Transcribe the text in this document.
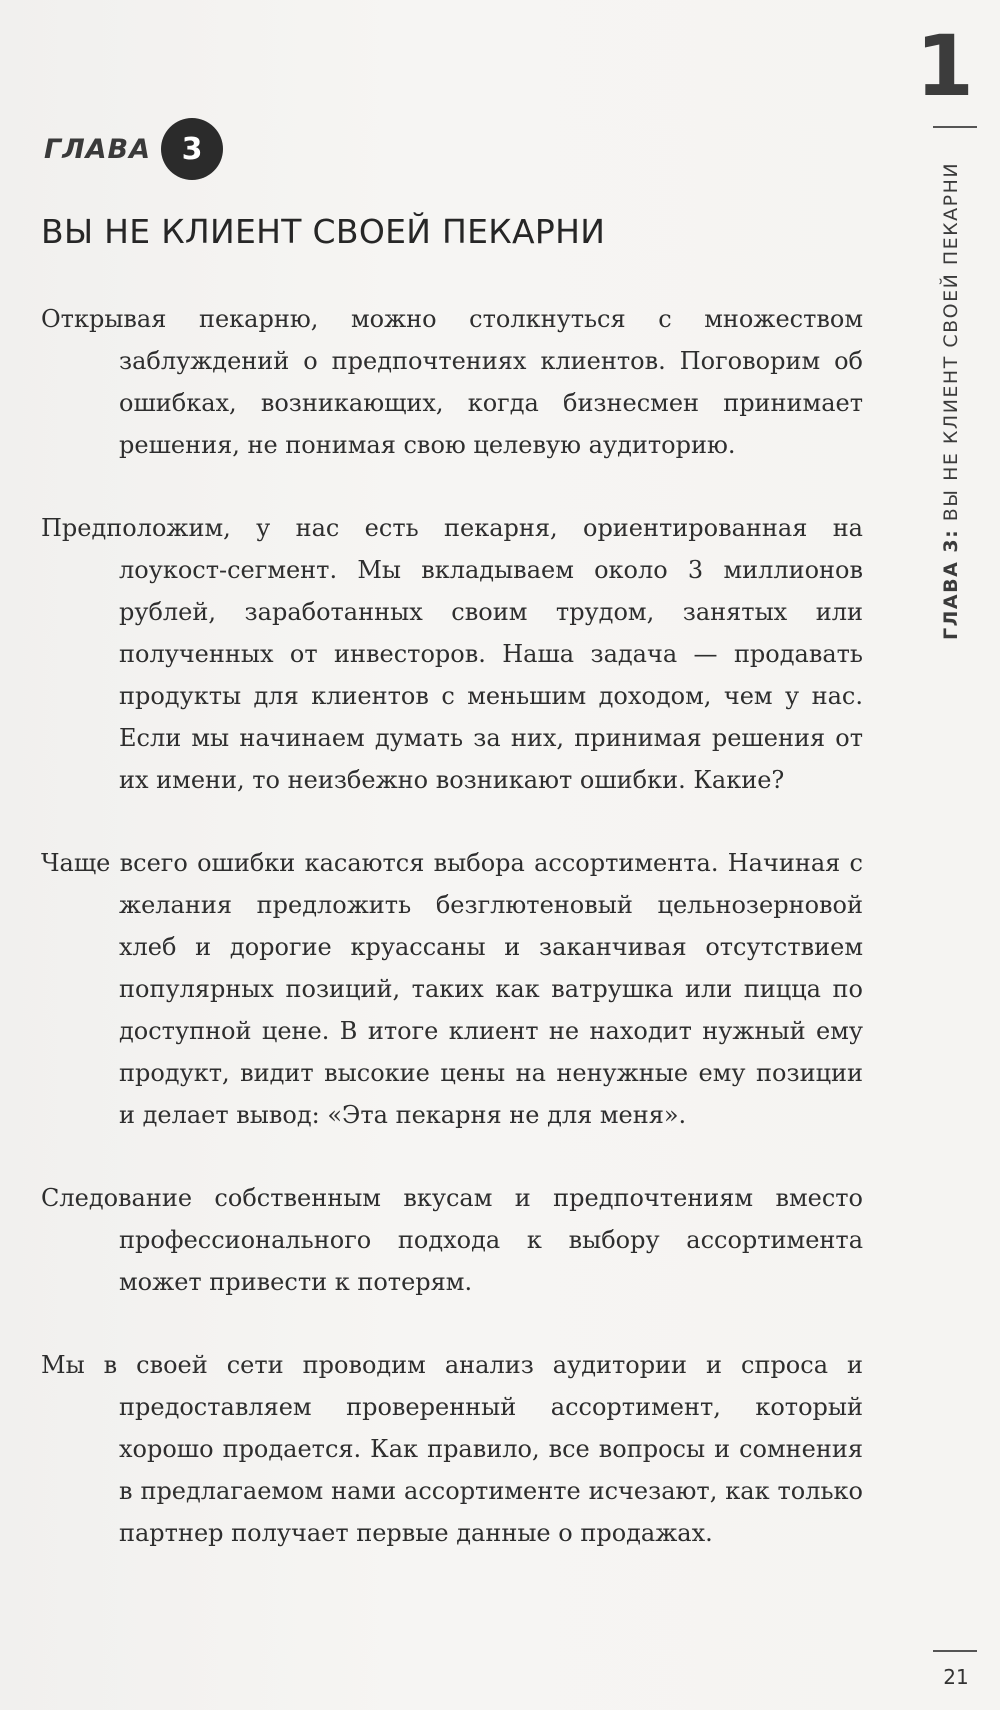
ГЛАВА	3
ВЫ НЕ КЛИЕНТ СВОЕЙ ПЕКАРНИ

Открывая пекарню, можно столкнуться с множеством заблуждений о предпочтениях клиентов. Поговорим об ошибках, возникающих, когда бизнесмен принимает решения, не понимая свою целевую аудиторию.

Предположим, у нас есть пекарня, ориентированная на лоукост-сегмент. Мы вкладываем около 3 миллионов рублей, заработанных своим трудом, занятых или полученных от инвесторов. Наша задача — продавать продукты для клиентов с меньшим доходом, чем у нас. Если мы начинаем думать за них, принимая решения от их имени, то неизбежно возникают ошибки. Какие?

Чаще всего ошибки касаются выбора ассортимента. Начиная с желания предложить безглютеновый цельнозерновой хлеб и дорогие круассаны и заканчивая отсутствием популярных позиций, таких как ватрушка или пицца по доступной цене. В итоге клиент не находит нужный ему продукт, видит высокие цены на ненужные ему позиции и делает вывод: «Эта пекарня не для меня».

Следование собственным вкусам и предпочтениям вместо профессионального подхода к выбору ассортимента может привести к потерям.

Мы в своей сети проводим анализ аудитории и спроса и предоставляем проверенный ассортимент, который хорошо продается. Как правило, все вопросы и сомнения в предлагаемом нами ассортименте исчезают, как только партнер получает первые данные о продажах.

1
ГЛАВА 3: ВЫ НЕ КЛИЕНТ СВОЕЙ ПЕКАРНИ
21
